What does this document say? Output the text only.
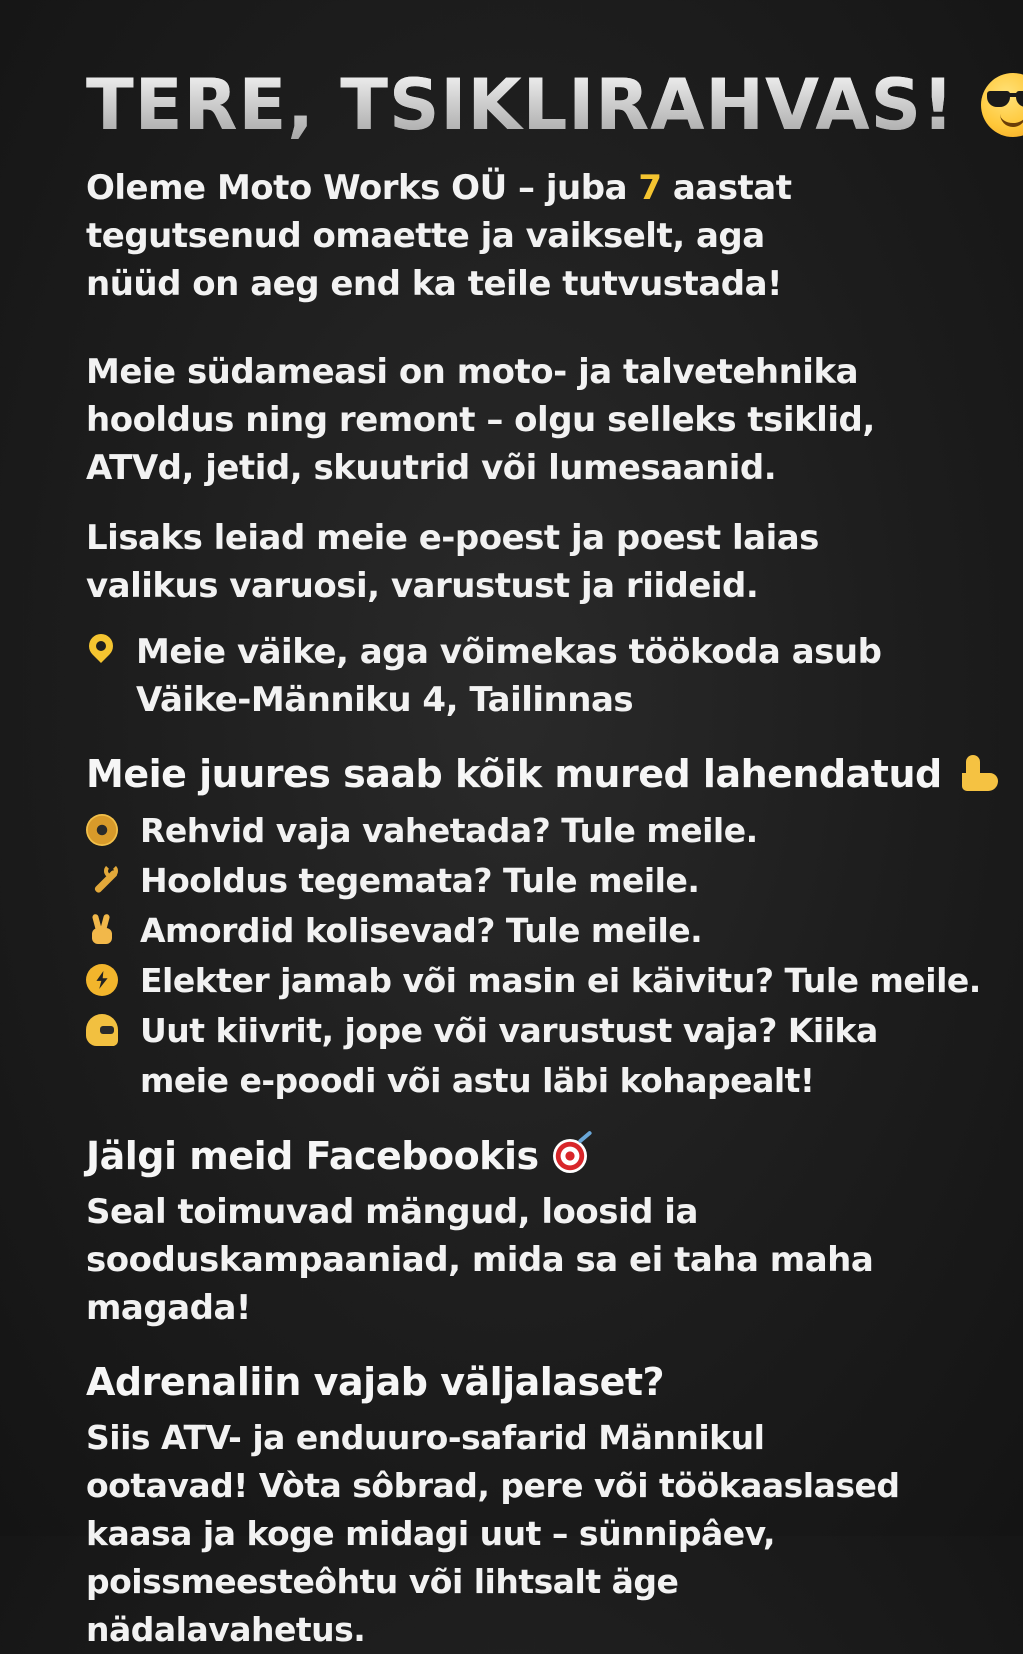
TERE, TSIKLIRAHVAS!

Oleme Moto Works OÜ – juba 7 aastat tegutsenud omaette ja vaikselt, aga nüüd on aeg end ka teile tutvustada!

Meie südameasi on moto- ja talvetehnika hooldus ning remont – olgu selleks tsiklid, ATVd, jetid, skuutrid või lumesaanid.

Lisaks leiad meie e-poest ja poest laias valikus varuosi, varustust ja riideid.

Meie väike, aga võimekas töökoda asub
Väike-Männiku 4, Tailinnas

Meie juures saab kõik mured lahendatud
Rehvid vaja vahetada? Tule meile.
Hooldus tegemata? Tule meile.
Amordid kolisevad? Tule meile.
Elekter jamab või masin ei käivitu? Tule meile.
Uut kiivrit, jope või varustust vaja? Kiika meie e-poodi või astu läbi kohapealt!
Jälgi meid Facebookis

Seal toimuvad mängud, loosid ia sooduskampaaniad, mida sa ei taha maha magada!

Adrenaliin vajab väljalaset?

Siis ATV- ja enduuro-safarid Männikul ootavad! Vòta sôbrad, pere või töökaaslased kaasa ja koge midagi uut – sünnipâev, poissmeesteôhtu või lihtsalt äge nädalavahetus.
